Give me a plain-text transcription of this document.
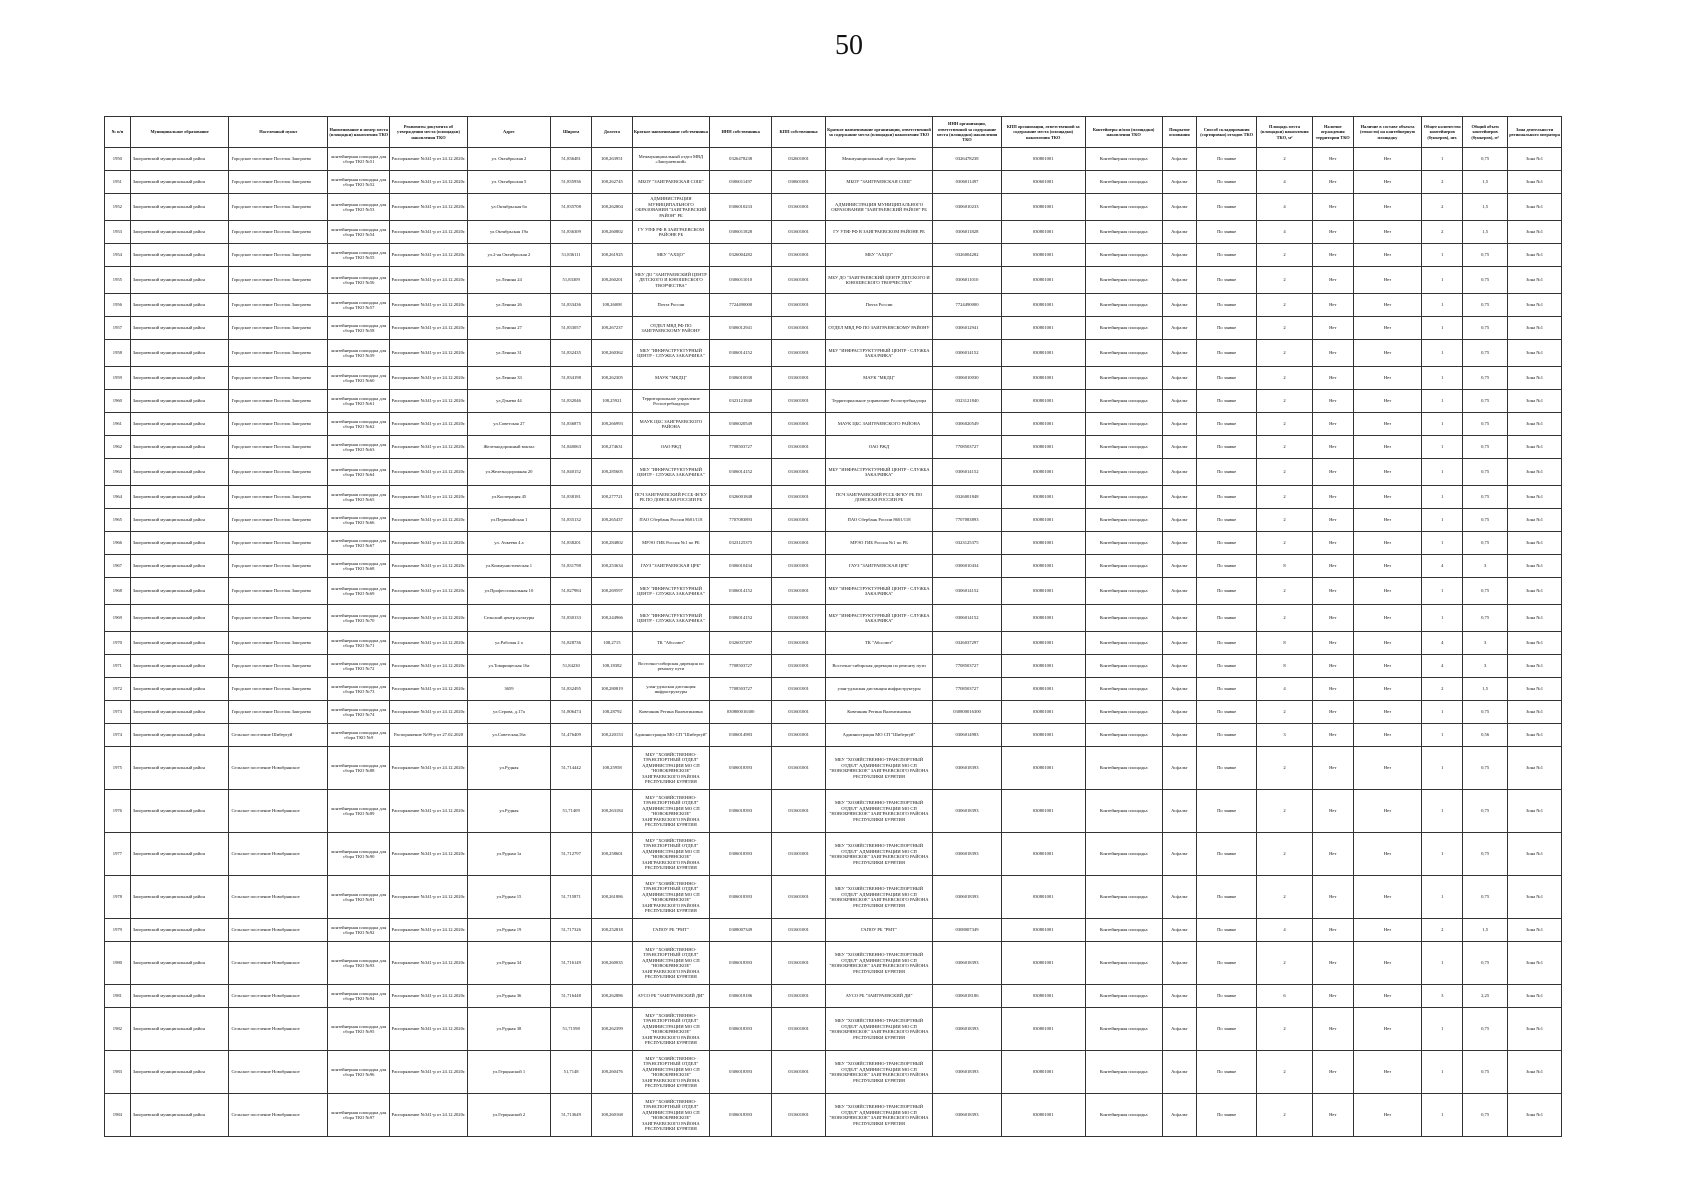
50
№ п/п	Муниципальное образование	Населенный пункт	Наименование и номер места (площадки) накопления ТКО	Реквизиты документа об утверждении места (площадки) накопления ТКО	Адрес	Широта	Долгота	Краткое наименование собственника	ИНН собственника	КПП собственника	Краткое наименование организации, ответственной за содержание места (площадки) накопления ТКО	ИНН организации, ответственной за содержание места (площадки) накопления ТКО	КПП организации, ответственной за содержание места (площадки) накопления ТКО	Контейнеры и/или (площадки) накопления ТКО	Покрытие основания	Способ складирования (сортировки) отходов ТКО	Площадь места (площадки) накопления ТКО, м²	Наличие ограждения территории ТКО	Наличие в составе объекта (емкости) на контейнерную площадку	Общее количество контейнеров (бункеров), шт.	Общий объем контейнеров (бункеров), м³	Зона деятельности регионального оператора
1950	Заиграевский муниципальный район	Городское поселение Поселок Заиграево	контейнерная площадка для сбора ТКО №51	Распоряжение №341-р от 24.12.2020г.	ул. Октябрьская 2	51,836481	108,263951	Межмуниципальный отдел МВД «Заиграевский»	0326478238	032601001	Межмуниципальный отдел Заиграево	0326478238	030801001	Контейнерная площадка	Асфальт	По заявке	2	Нет	Нет	1	0,75	Зона №1
1951	Заиграевский муниципальный район	Городское поселение Поселок Заиграево	контейнерная площадка для сбора ТКО №52	Распоряжение №341-р от 24.12.2020г.	ул. Октябрьская 5	51,835936	108,262745	МБОУ "ЗАИГРАЕВСКАЯ СОШ"	0306011497	030601001	МБОУ "ЗАИГРАЕВСКАЯ СОШ"	0306011497	030601001	Контейнерная площадка	Асфальт	По заявке	4	Нет	Нет	2	1,5	Зона №1
1952	Заиграевский муниципальный район	Городское поселение Поселок Заиграево	контейнерная площадка для сбора ТКО №53	Распоряжение №341-р от 24.12.2020г.	ул.Октябрьская 6а	51,835708	108,262804	АДМИНИСТРАЦИЯ МУНИЦИПАЛЬНОГО ОБРАЗОВАНИЯ "ЗАИГРАЕВСКИЙ РАЙОН" РБ	0306010233	031601001	АДМИНИСТРАЦИЯ МУНИЦИПАЛЬНОГО ОБРАЗОВАНИЯ "ЗАИГРАЕВСКИЙ РАЙОН" РБ	0306010233	030801001	Контейнерная площадка	Асфальт	По заявке	4	Нет	Нет	2	1,5	Зона №1
1953	Заиграевский муниципальный район	Городское поселение Поселок Заиграево	контейнерная площадка для сбора ТКО №54	Распоряжение №341-р от 24.12.2020г.	ул.Октябрьская 19а	51,836309	108,260802	ГУ УПФ РФ В ЗАИГРАЕВСКОМ РАЙОНЕ РБ	0306011828	031601001	ГУ УПФ РФ В ЗАИГРАЕВСКОМ РАЙОНЕ РБ	0306011828	030801001	Контейнерная площадка	Асфальт	По заявке	4	Нет	Нет	2	1,5	Зона №1
1954	Заиграевский муниципальный район	Городское поселение Поселок Заиграево	контейнерная площадка для сбора ТКО №55	Распоряжение №341-р от 24.12.2020г.	ул.2-ая Октябрьская 2	51,836111	108,261925	МБУ "АХЦО"	0326004282	031601001	МБУ "АХЦО"	0326004282	030801001	Контейнерная площадка	Асфальт	По заявке	2	Нет	Нет	1	0,75	Зона №1
1955	Заиграевский муниципальный район	Городское поселение Поселок Заиграево	контейнерная площадка для сбора ТКО №56	Распоряжение №341-р от 24.12.2020г.	ул.Ленина 24	51,83309	108,260201	МБУ ДО "ЗАИГРАЕВСКИЙ ЦЕНТР ДЕТСКОГО И ЮНОШЕСКОГО ТВОРЧЕСТВА"	0306011010	031601001	МБУ ДО "ЗАИГРАЕВСКИЙ ЦЕНТР ДЕТСКОГО И ЮНОШЕСКОГО ТВОРЧЕСТВА"	0306011010	030801001	Контейнерная площадка	Асфальт	По заявке	2	Нет	Нет	1	0,75	Зона №1
1956	Заиграевский муниципальный район	Городское поселение Поселок Заиграево	контейнерная площадка для сбора ТКО №57	Распоряжение №341-р от 24.12.2020г.	ул.Ленина 26	51,833436	108,26008	Почта России	7724490000	031601001	Почта России	7724490000	030801001	Контейнерная площадка	Асфальт	По заявке	2	Нет	Нет	1	0,75	Зона №1
1957	Заиграевский муниципальный район	Городское поселение Поселок Заиграево	контейнерная площадка для сбора ТКО №58	Распоряжение №341-р от 24.12.2020г.	ул.Ленина 27	51,833057	108,267237	ОТДЕЛ МВД РФ ПО ЗАИГРАЕВСКОМУ РАЙОНУ	0306012941	031601001	ОТДЕЛ МВД РФ ПО ЗАИГРАЕВСКОМУ РАЙОНУ	0306012941	030801001	Контейнерная площадка	Асфальт	По заявке	2	Нет	Нет	1	0,75	Зона №1
1958	Заиграевский муниципальный район	Городское поселение Поселок Заиграево	контейнерная площадка для сбора ТКО №59	Распоряжение №341-р от 24.12.2020г.	ул.Ленина 31	51,832435	108,260362	МБУ "ИНФРАСТРУКТУРНЫЙ ЦЕНТР - СЛУЖБА ЗАКАЗЧИКА"	0306014152	031601001	МБУ "ИНФРАСТРУКТУРНЫЙ ЦЕНТР - СЛУЖБА ЗАКАЗЧИКА"	0306014152	030801001	Контейнерная площадка	Асфальт	По заявке	2	Нет	Нет	1	0,75	Зона №1
1959	Заиграевский муниципальный район	Городское поселение Поселок Заиграево	контейнерная площадка для сбора ТКО №60	Распоряжение №341-р от 24.12.2020г.	ул.Ленина 33	51,834198	108,262305	МАУК "МКДЦ"	0306010030	031601001	МАУК "МКДЦ"	0306010030	030801001	Контейнерная площадка	Асфальт	По заявке	2	Нет	Нет	1	0,75	Зона №1
1960	Заиграевский муниципальный район	Городское поселение Поселок Заиграево	контейнерная площадка для сбора ТКО №61	Распоряжение №341-р от 24.12.2020г.	ул.Дзыева 44	51,832046	108,25921	Территориальное управление Роспотребнадзора	0323121840	031601001	Территориальное управление Роспотребнадзора	0323121840	030801001	Контейнерная площадка	Асфальт	По заявке	2	Нет	Нет	1	0,75	Зона №1
1961	Заиграевский муниципальный район	Городское поселение Поселок Заиграево	контейнерная площадка для сбора ТКО №62	Распоряжение №341-р от 24.12.2020г.	ул.Советская 27	51,836875	108,266993	МАУК ЦБС ЗАИГРАЕВСКОГО РАЙОНА	0306020549	031601001	МАУК ЦБС ЗАИГРАЕВСКОГО РАЙОНА	0306020549	030801001	Контейнерная площадка	Асфальт	По заявке	2	Нет	Нет	1	0,75	Зона №1
1962	Заиграевский муниципальный район	Городское поселение Поселок Заиграево	контейнерная площадка для сбора ТКО №63	Распоряжение №341-р от 24.12.2020г.	Железнодорожный вокзал	51,840063	108,274631	ОАО РЖД	7708503727	031601001	ОАО РЖД	7708503727	030801001	Контейнерная площадка	Асфальт	По заявке	2	Нет	Нет	1	0,75	Зона №1
1963	Заиграевский муниципальный район	Городское поселение Поселок Заиграево	контейнерная площадка для сбора ТКО №64	Распоряжение №341-р от 24.12.2020г.	ул.Железнодорожная 20	51,840152	108,285605	МБУ "ИНФРАСТРУКТУРНЫЙ ЦЕНТР - СЛУЖБА ЗАКАЗЧИКА"	0306014152	031601001	МБУ "ИНФРАСТРУКТУРНЫЙ ЦЕНТР - СЛУЖБА ЗАКАЗЧИКА"	0306014152	030801001	Контейнерная площадка	Асфальт	По заявке	2	Нет	Нет	1	0,75	Зона №1
1964	Заиграевский муниципальный район	Городское поселение Поселок Заиграево	контейнерная площадка для сбора ТКО №65	Распоряжение №341-р от 24.12.2020г.	ул.Кооперация 45	51,838181	108,277721	ПСЧ ЗАИГРАЕВСКИЙ РССБ ФГКУ РБ ПО ДОНСКАЯ РОССИИ РБ	0326001848	031601001	ПСЧ ЗАИГРАЕВСКИЙ РССБ ФГКУ РБ ПО ДОНСКАЯ РОССИИ РБ	0326001848	030801001	Контейнерная площадка	Асфальт	По заявке	2	Нет	Нет	1	0,75	Зона №1
1965	Заиграевский муниципальный район	Городское поселение Поселок Заиграево	контейнерная площадка для сбора ТКО №66	Распоряжение №341-р от 24.12.2020г.	ул.Первомайская 1	51,835132	108,265437	ПАО Сбербанк России 8601/118	7707083893	031601001	ПАО Сбербанк России 8601/118	7707083893	030801001	Контейнерная площадка	Асфальт	По заявке	2	Нет	Нет	1	0,75	Зона №1
1966	Заиграевский муниципальный район	Городское поселение Поселок Заиграево	контейнерная площадка для сбора ТКО №67	Распоряжение №341-р от 24.12.2020г.	ул. Ачкеева 4 а	51,838201	108,284802	МРЭО ГИБ Россия №1 по РБ	0323125375	031601001	МРЭО ГИБ Россия №1 по РБ	0323125375	030801001	Контейнерная площадка	Асфальт	По заявке	2	Нет	Нет	1	0,75	Зона №1
1967	Заиграевский муниципальный район	Городское поселение Поселок Заиграево	контейнерная площадка для сбора ТКО №68	Распоряжение №341-р от 24.12.2020г.	ул.Коммунистическая 1	51,831798	108,253634	ГАУЗ "ЗАИГРАЕВСКАЯ ЦРБ"	0306010434	031601001	ГАУЗ "ЗАИГРАЕВСКАЯ ЦРБ"	0306010434	030801001	Контейнерная площадка	Асфальт	По заявке	8	Нет	Нет	4	3	Зона №1
1968	Заиграевский муниципальный район	Городское поселение Поселок Заиграево	контейнерная площадка для сбора ТКО №69	Распоряжение №341-р от 24.12.2020г.	ул.Профессиональная 10	51,827984	108,269597	МБУ "ИНФРАСТРУКТУРНЫЙ ЦЕНТР - СЛУЖБА ЗАКАЗЧИКА"	0306014152	031601001	МБУ "ИНФРАСТРУКТУРНЫЙ ЦЕНТР - СЛУЖБА ЗАКАЗЧИКА"	0306014152	030801001	Контейнерная площадка	Асфальт	По заявке	2	Нет	Нет	1	0,75	Зона №1
1969	Заиграевский муниципальный район	Городское поселение Поселок Заиграево	контейнерная площадка для сбора ТКО №70	Распоряжение №341-р от 24.12.2020г.	Сельский центр культуры	51,830133	108,244966	МБУ "ИНФРАСТРУКТУРНЫЙ ЦЕНТР - СЛУЖБА ЗАКАЗЧИКА"	0306014152	031601001	МБУ "ИНФРАСТРУКТУРНЫЙ ЦЕНТР - СЛУЖБА ЗАКАЗЧИКА"	0306014152	030801001	Контейнерная площадка	Асфальт	По заявке	2	Нет	Нет	1	0,75	Зона №1
1970	Заиграевский муниципальный район	Городское поселение Поселок Заиграево	контейнерная площадка для сбора ТКО №71	Распоряжение №341-р от 24.12.2020г.	ул.Рабочая 2 а	51,828736	108,2715	ТК "Абсолют"	0326037297	031601001	ТК "Абсолют"	0326037297	030801001	Контейнерная площадка	Асфальт	По заявке	8	Нет	Нет	4	3	Зона №1
1971	Заиграевский муниципальный район	Городское поселение Поселок Заиграево	контейнерная площадка для сбора ТКО №72	Распоряжение №341-р от 24.12.2020г.	ул.Товарищеская 16а	51,84230	108,18382	Восточно-сибирская дирекция по ремонту пути	7708503727	031601001	Восточно-сибирская дирекция по ремонту пути	7708503727	030801001	Контейнерная площадка	Асфальт	По заявке	8	Нет	Нет	4	3	Зона №1
1972	Заиграевский муниципальный район	Городское поселение Поселок Заиграево	контейнерная площадка для сбора ТКО №73	Распоряжение №341-р от 24.12.2020г.	3659	51,832495	108,280819	улан-удэнская дистанция инфраструктуры	7708503727	031601001	улан-удэнская дистанция инфраструктуры	7708503727	030801001	Контейнерная площадка	Асфальт	По заявке	4	Нет	Нет	2	1,5	Зона №1
1973	Заиграевский муниципальный район	Городское поселение Поселок Заиграево	контейнерная площадка для сбора ТКО №74	Распоряжение №341-р от 24.12.2020г.	ул.Серова, д.17а	51,806474	108,28792	Ковешник Регина Валентиновна	030800016300	031601001	Ковешник Регина Валентиновна	030800016300	030801001	Контейнерная площадка	Асфальт	По заявке	2	Нет	Нет	1	0,75	Зона №1
1974	Заиграевский муниципальный район	Сельское поселение Шибертуй	контейнерная площадка для сбора ТКО №9	Распоряжение №99-р от 27.02.2020	ул.Советская,16а	51,476409	108,220153	Администрация МО СП "Шибертуй"	0306014983	031601001	Администрация МО СП "Шибертуй"	0306014983	030801001	Контейнерная площадка	Асфальт	По заявке	3	Нет	Нет	1	0,56	Зона №1
1975	Заиграевский муниципальный район	Сельское поселение Новобрянское	контейнерная площадка для сбора ТКО №88	Распоряжение №341-р от 24.12.2020г.	ул.Рудная	51,714442	108,25958	МБУ "ХОЗЯЙСТВЕННО-ТРАНСПОРТНЫЙ ОТДЕЛ" АДМИНИСТРАЦИИ МО СП "НОВОБРЯНСКОЕ" ЗАИГРАЕВСКОГО РАЙОНА РЕСПУБЛИКИ БУРЯТИЯ	0306018393	031601001	МБУ "ХОЗЯЙСТВЕННО-ТРАНСПОРТНЫЙ ОТДЕЛ" АДМИНИСТРАЦИИ МО СП "НОВОБРЯНСКОЕ" ЗАИГРАЕВСКОГО РАЙОНА РЕСПУБЛИКИ БУРЯТИЯ	0306018393	030801001	Контейнерная площадка	Асфальт	По заявке	2	Нет	Нет	1	0,75	Зона №1
1976	Заиграевский муниципальный район	Сельское поселение Новобрянское	контейнерная площадка для сбора ТКО №89	Распоряжение №341-р от 24.12.2020г.	ул.Рудная	51,71409	108,263184	МБУ "ХОЗЯЙСТВЕННО-ТРАНСПОРТНЫЙ ОТДЕЛ" АДМИНИСТРАЦИИ МО СП "НОВОБРЯНСКОЕ" ЗАИГРАЕВСКОГО РАЙОНА РЕСПУБЛИКИ БУРЯТИЯ	0306018393	031601001	МБУ "ХОЗЯЙСТВЕННО-ТРАНСПОРТНЫЙ ОТДЕЛ" АДМИНИСТРАЦИИ МО СП "НОВОБРЯНСКОЕ" ЗАИГРАЕВСКОГО РАЙОНА РЕСПУБЛИКИ БУРЯТИЯ	0306018393	030801001	Контейнерная площадка	Асфальт	По заявке	2	Нет	Нет	1	0,75	Зона №1
1977	Заиграевский муниципальный район	Сельское поселение Новобрянское	контейнерная площадка для сбора ТКО №90	Распоряжение №341-р от 24.12.2020г.	ул.Рудная 1а	51,712797	108,258601	МБУ "ХОЗЯЙСТВЕННО-ТРАНСПОРТНЫЙ ОТДЕЛ" АДМИНИСТРАЦИИ МО СП "НОВОБРЯНСКОЕ" ЗАИГРАЕВСКОГО РАЙОНА РЕСПУБЛИКИ БУРЯТИЯ	0306018393	031601001	МБУ "ХОЗЯЙСТВЕННО-ТРАНСПОРТНЫЙ ОТДЕЛ" АДМИНИСТРАЦИИ МО СП "НОВОБРЯНСКОЕ" ЗАИГРАЕВСКОГО РАЙОНА РЕСПУБЛИКИ БУРЯТИЯ	0306018393	030801001	Контейнерная площадка	Асфальт	По заявке	2	Нет	Нет	1	0,75	Зона №1
1978	Заиграевский муниципальный район	Сельское поселение Новобрянское	контейнерная площадка для сбора ТКО №91	Распоряжение №341-р от 24.12.2020г.	ул.Рудная 15	51,715871	108,261886	МБУ "ХОЗЯЙСТВЕННО-ТРАНСПОРТНЫЙ ОТДЕЛ" АДМИНИСТРАЦИИ МО СП "НОВОБРЯНСКОЕ" ЗАИГРАЕВСКОГО РАЙОНА РЕСПУБЛИКИ БУРЯТИЯ	0306018393	031601001	МБУ "ХОЗЯЙСТВЕННО-ТРАНСПОРТНЫЙ ОТДЕЛ" АДМИНИСТРАЦИИ МО СП "НОВОБРЯНСКОЕ" ЗАИГРАЕВСКОГО РАЙОНА РЕСПУБЛИКИ БУРЯТИЯ	0306018393	030801001	Контейнерная площадка	Асфальт	По заявке	2	Нет	Нет	1	0,75	Зона №1
1979	Заиграевский муниципальный район	Сельское поселение Новобрянское	контейнерная площадка для сбора ТКО №92	Распоряжение №341-р от 24.12.2020г.	ул.Рудная 19	51,717326	108,252818	ГАПОУ РБ "РМТ"	0308007349	031601001	ГАПОУ РБ "РМТ"	0308007349	030801001	Контейнерная площадка	Асфальт	По заявке	4	Нет	Нет	2	1,5	Зона №1
1980	Заиграевский муниципальный район	Сельское поселение Новобрянское	контейнерная площадка для сбора ТКО №93	Распоряжение №341-р от 24.12.2020г.	ул.Рудная 34	51,716149	108,260035	МБУ "ХОЗЯЙСТВЕННО-ТРАНСПОРТНЫЙ ОТДЕЛ" АДМИНИСТРАЦИИ МО СП "НОВОБРЯНСКОЕ" ЗАИГРАЕВСКОГО РАЙОНА РЕСПУБЛИКИ БУРЯТИЯ	0306018393	031601001	МБУ "ХОЗЯЙСТВЕННО-ТРАНСПОРТНЫЙ ОТДЕЛ" АДМИНИСТРАЦИИ МО СП "НОВОБРЯНСКОЕ" ЗАИГРАЕВСКОГО РАЙОНА РЕСПУБЛИКИ БУРЯТИЯ	0306018393	030801001	Контейнерная площадка	Асфальт	По заявке	2	Нет	Нет	1	0,75	Зона №1
1981	Заиграевский муниципальный район	Сельское поселение Новобрянское	контейнерная площадка для сбора ТКО №94	Распоряжение №341-р от 24.12.2020г.	ул.Рудная 36	51,716448	108,262886	АУСО РБ "ЗАИГРАЕВСКИЙ ДИ"	0306018186	031601001	АУСО РБ "ЗАИГРАЕВСКИЙ ДИ"	0306018186	030801001	Контейнерная площадка	Асфальт	По заявке	6	Нет	Нет	3	2,25	Зона №1
1982	Заиграевский муниципальный район	Сельское поселение Новобрянское	контейнерная площадка для сбора ТКО №95	Распоряжение №341-р от 24.12.2020г.	ул.Рудная 38	51,71598	108,262399	МБУ "ХОЗЯЙСТВЕННО-ТРАНСПОРТНЫЙ ОТДЕЛ" АДМИНИСТРАЦИИ МО СП "НОВОБРЯНСКОЕ" ЗАИГРАЕВСКОГО РАЙОНА РЕСПУБЛИКИ БУРЯТИЯ	0306018393	031601001	МБУ "ХОЗЯЙСТВЕННО-ТРАНСПОРТНЫЙ ОТДЕЛ" АДМИНИСТРАЦИИ МО СП "НОВОБРЯНСКОЕ" ЗАИГРАЕВСКОГО РАЙОНА РЕСПУБЛИКИ БУРЯТИЯ	0306018393	030801001	Контейнерная площадка	Асфальт	По заявке	2	Нет	Нет	1	0,75	Зона №1
1983	Заиграевский муниципальный район	Сельское поселение Новобрянское	контейнерная площадка для сбора ТКО №96	Распоряжение №341-р от 24.12.2020г.	ул.Герцынской 1	51,7148	108,260476	МБУ "ХОЗЯЙСТВЕННО-ТРАНСПОРТНЫЙ ОТДЕЛ" АДМИНИСТРАЦИИ МО СП "НОВОБРЯНСКОЕ" ЗАИГРАЕВСКОГО РАЙОНА РЕСПУБЛИКИ БУРЯТИЯ	0306018393	031601001	МБУ "ХОЗЯЙСТВЕННО-ТРАНСПОРТНЫЙ ОТДЕЛ" АДМИНИСТРАЦИИ МО СП "НОВОБРЯНСКОЕ" ЗАИГРАЕВСКОГО РАЙОНА РЕСПУБЛИКИ БУРЯТИЯ	0306018393	030801001	Контейнерная площадка	Асфальт	По заявке	2	Нет	Нет	1	0,75	Зона №1
1984	Заиграевский муниципальный район	Сельское поселение Новобрянское	контейнерная площадка для сбора ТКО №97	Распоряжение №341-р от 24.12.2020г.	ул.Герцынской 2	51,713649	108,260168	МБУ "ХОЗЯЙСТВЕННО-ТРАНСПОРТНЫЙ ОТДЕЛ" АДМИНИСТРАЦИИ МО СП "НОВОБРЯНСКОЕ" ЗАИГРАЕВСКОГО РАЙОНА РЕСПУБЛИКИ БУРЯТИЯ	0306018393	031601001	МБУ "ХОЗЯЙСТВЕННО-ТРАНСПОРТНЫЙ ОТДЕЛ" АДМИНИСТРАЦИИ МО СП "НОВОБРЯНСКОЕ" ЗАИГРАЕВСКОГО РАЙОНА РЕСПУБЛИКИ БУРЯТИЯ	0306018393	030801001	Контейнерная площадка	Асфальт	По заявке	2	Нет	Нет	1	0,75	Зона №1
